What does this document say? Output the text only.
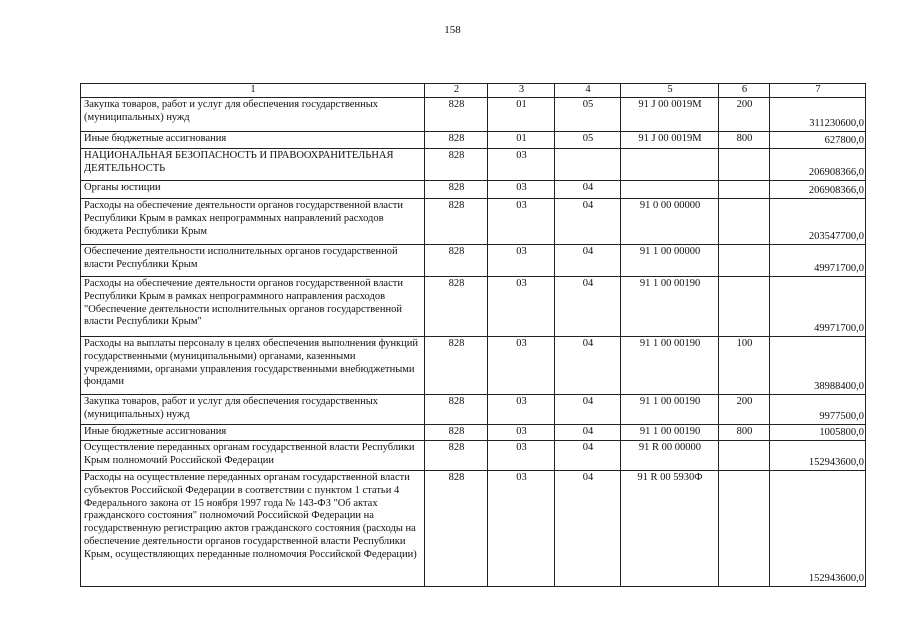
158
1	2	3	4	5	6	7
Закупка товаров, работ и услуг для обеспечения государственных (муниципальных) нужд	828	01	05	91 J 00 0019M	200	311230600,0
Иные бюджетные ассигнования	828	01	05	91 J 00 0019M	800	627800,0
НАЦИОНАЛЬНАЯ БЕЗОПАСНОСТЬ И ПРАВООХРАНИТЕЛЬНАЯ ДЕЯТЕЛЬНОСТЬ	828	03				206908366,0
Органы юстиции	828	03	04			206908366,0
Расходы на обеспечение деятельности органов государственной власти Республики Крым в рамках непрограммных направлений расходов бюджета Республики Крым	828	03	04	91 0 00 00000		203547700,0
Обеспечение деятельности исполнительных органов государственной власти Республики Крым	828	03	04	91 1 00 00000		49971700,0
Расходы на обеспечение деятельности органов государственной власти Республики Крым в рамках непрограммного направления расходов "Обеспечение деятельности исполнительных органов государственной власти Республики Крым"	828	03	04	91 1 00 00190		49971700,0
Расходы на выплаты персоналу в целях обеспечения выполнения функций государственными (муниципальными) органами, казенными учреждениями, органами управления государственными внебюджетными фондами	828	03	04	91 1 00 00190	100	38988400,0
Закупка товаров, работ и услуг для обеспечения государственных (муниципальных) нужд	828	03	04	91 1 00 00190	200	9977500,0
Иные бюджетные ассигнования	828	03	04	91 1 00 00190	800	1005800,0
Осуществление переданных органам государственной власти Республики Крым полномочий Российской Федерации	828	03	04	91 R 00 00000		152943600,0
Расходы на осуществление переданных органам государственной власти субъектов Российской Федерации в соответствии с пунктом 1 статьи 4 Федерального закона от 15 ноября 1997 года № 143-ФЗ "Об актах гражданского состояния" полномочий Российской Федерации на государственную регистрацию актов гражданского состояния (расходы на обеспечение деятельности органов государственной власти Республики Крым, осуществляющих переданные полномочия Российской Федерации)	828	03	04	91 R 00 5930Ф		152943600,0
